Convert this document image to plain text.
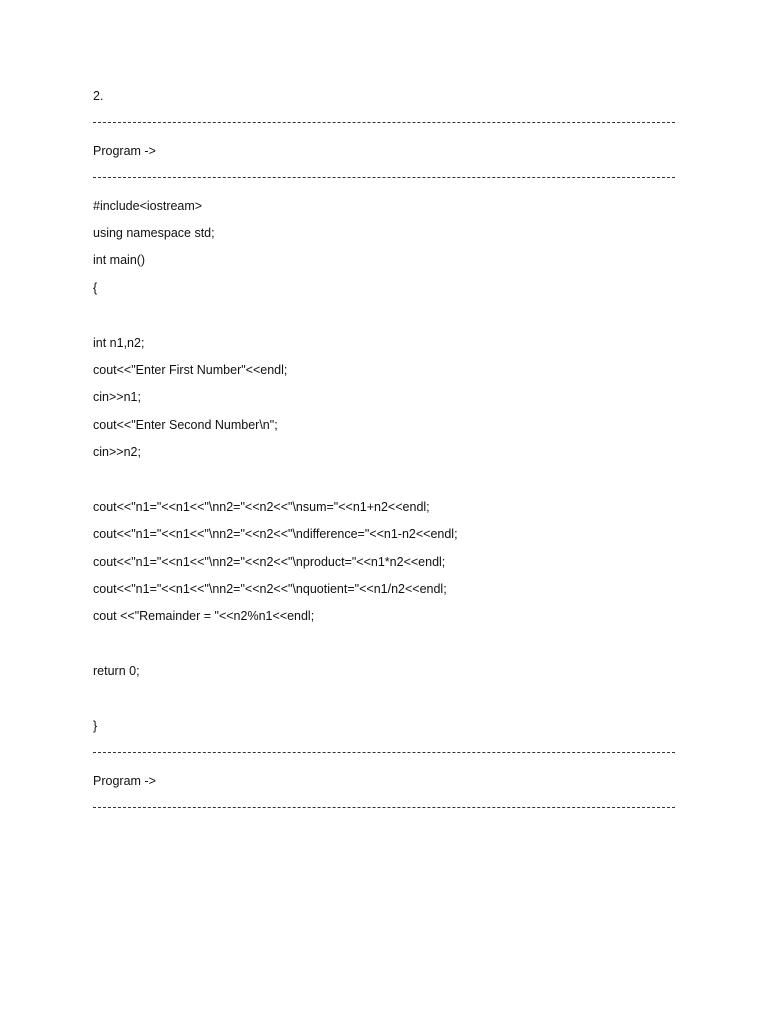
2.
Program ->
#include<iostream>
using namespace std;
int main()
{
int n1,n2;
cout<<"Enter First Number"<<endl;
cin>>n1;
cout<<"Enter Second Number\n";
cin>>n2;
cout<<"n1="<<n1<<"\nn2="<<n2<<"\nsum="<<n1+n2<<endl;
cout<<"n1="<<n1<<"\nn2="<<n2<<"\ndifference="<<n1-n2<<endl;
cout<<"n1="<<n1<<"\nn2="<<n2<<"\nproduct="<<n1*n2<<endl;
cout<<"n1="<<n1<<"\nn2="<<n2<<"\nquotient="<<n1/n2<<endl;
cout <<"Remainder = "<<n2%n1<<endl;
return 0;
}
Program ->
